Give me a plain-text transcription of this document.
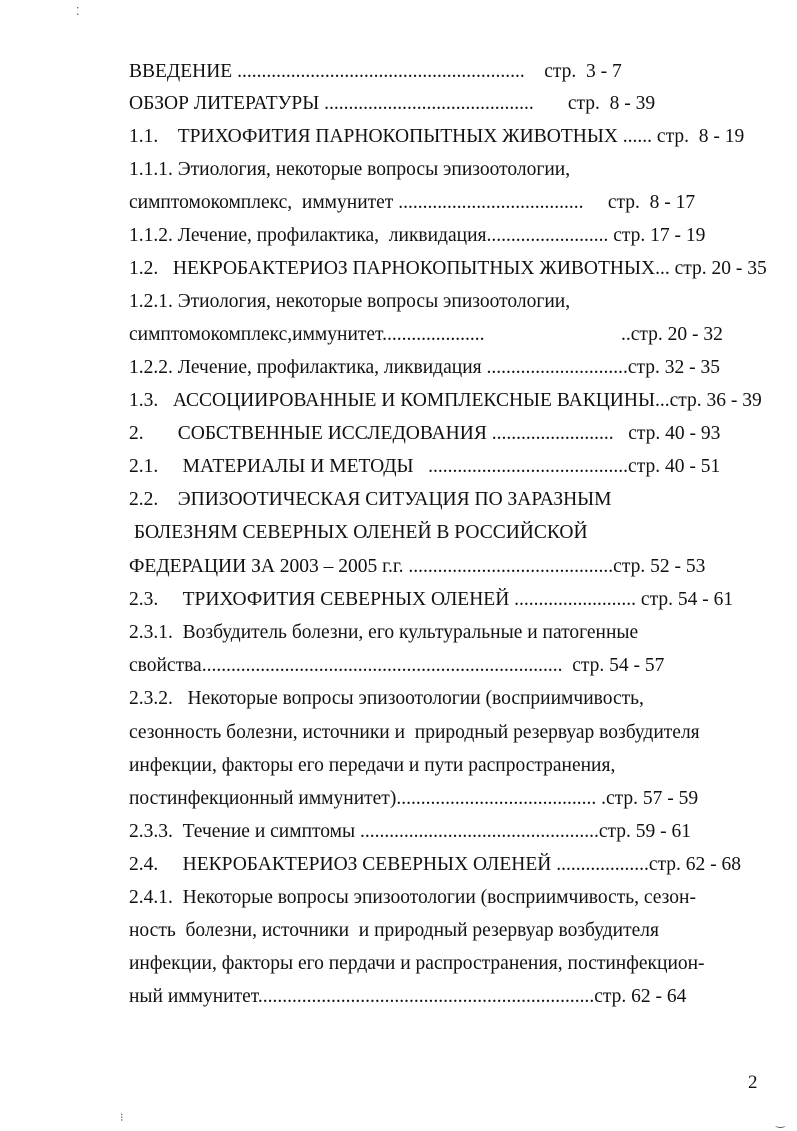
ВВЕДЕНИЕ ...........................................................    стр.  3 - 7
ОБЗОР ЛИТЕРАТУРЫ ...........................................       стр.  8 - 39
1.1.    ТРИХОФИТИЯ ПАРНОКОПЫТНЫХ ЖИВОТНЫХ ...... стр.  8 - 19
1.1.1. Этиология, некоторые вопросы эпизоотологии,
симптомокомплекс,  иммунитет ......................................     стр.  8 - 17
1.1.2. Лечение, профилактика,  ликвидация......................... стр. 17 - 19
1.2.   НЕКРОБАКТЕРИОЗ ПАРНОКОПЫТНЫХ ЖИВОТНЫХ... стр. 20 - 35
1.2.1. Этиология, некоторые вопросы эпизоотологии,
симптомокомплекс,иммунитет.....................                            ..стр. 20 - 32
1.2.2. Лечение, профилактика, ликвидация .............................стр. 32 - 35
1.3.   АССОЦИИРОВАННЫЕ И КОМПЛЕКСНЫЕ ВАКЦИНЫ...стр. 36 - 39
2.       СОБСТВЕННЫЕ ИССЛЕДОВАНИЯ .........................   стр. 40 - 93
2.1.     МАТЕРИАЛЫ И МЕТОДЫ   .........................................стр. 40 - 51
2.2.    ЭПИЗООТИЧЕСКАЯ СИТУАЦИЯ ПО ЗАРАЗНЫМ
БОЛЕЗНЯМ СЕВЕРНЫХ ОЛЕНЕЙ В РОССИЙСКОЙ
ФЕДЕРАЦИИ ЗА 2003 – 2005 г.г. ..........................................стр. 52 - 53
2.3.     ТРИХОФИТИЯ СЕВЕРНЫХ ОЛЕНЕЙ ......................... стр. 54 - 61
2.3.1.  Возбудитель болезни, его культуральные и патогенные
свойства..........................................................................  стр. 54 - 57
2.3.2.   Некоторые вопросы эпизоотологии (восприимчивость,
сезонность болезни, источники и  природный резервуар возбудителя
инфекции, факторы его передачи и пути распространения,
постинфекционный иммунитет)......................................... .стр. 57 - 59
2.3.3.  Течение и симптомы .................................................стр. 59 - 61
2.4.     НЕКРОБАКТЕРИОЗ СЕВЕРНЫХ ОЛЕНЕЙ ...................стр. 62 - 68
2.4.1.  Некоторые вопросы эпизоотологии (восприимчивость, сезон-
ность  болезни, источники  и природный резервуар возбудителя
инфекции, факторы его пердачи и распространения, постинфекцион-
ный иммунитет.....................................................................стр. 62 - 64
2
⁚
⁝	‿
